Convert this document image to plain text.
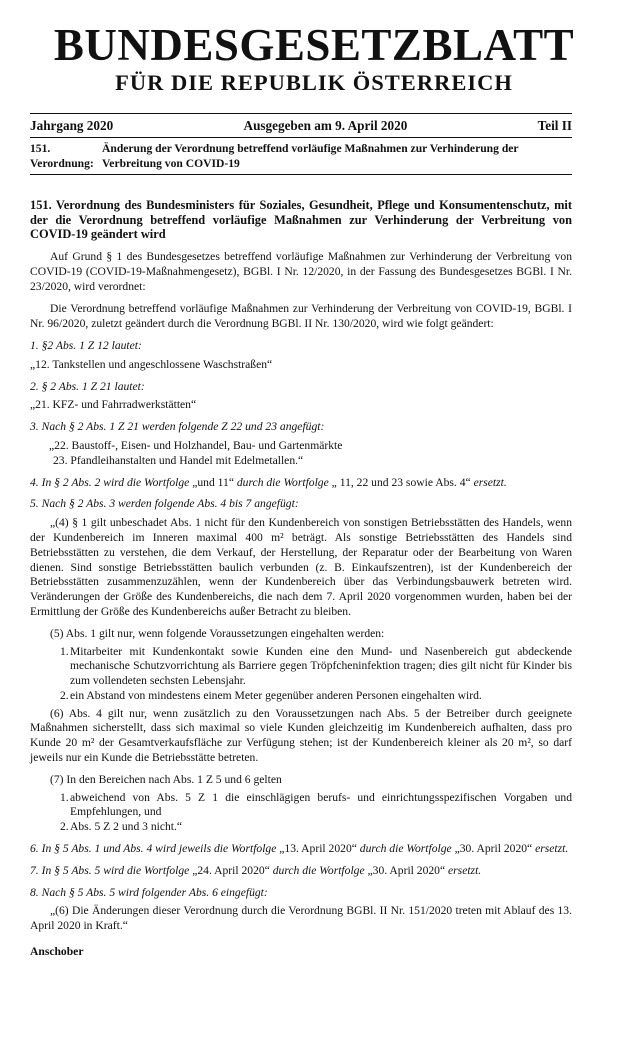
BUNDESGESETZBLATT
FÜR DIE REPUBLIK ÖSTERREICH
Jahrgang 2020	Ausgegeben am 9. April 2020	Teil II
151.	Änderung der Verordnung betreffend vorläufige Maßnahmen zur Verhinderung der
Verordnung: Verbreitung von COVID-19
151. Verordnung des Bundesministers für Soziales, Gesundheit, Pflege und Konsumentenschutz, mit der die Verordnung betreffend vorläufige Maßnahmen zur Verhinderung der Verbreitung von COVID-19 geändert wird
Auf Grund § 1 des Bundesgesetzes betreffend vorläufige Maßnahmen zur Verhinderung der Verbreitung von COVID-19 (COVID-19-Maßnahmengesetz), BGBl. I Nr. 12/2020, in der Fassung des Bundesgesetzes BGBl. I Nr. 23/2020, wird verordnet:
Die Verordnung betreffend vorläufige Maßnahmen zur Verhinderung der Verbreitung von COVID-19, BGBl. I Nr. 96/2020, zuletzt geändert durch die Verordnung BGBl. II Nr. 130/2020, wird wie folgt geändert:
1. §2 Abs. 1 Z 12 lautet:
„12. Tankstellen und angeschlossene Waschstraßen“
2. § 2 Abs. 1 Z 21 lautet:
„21. KFZ- und Fahrradwerkstätten“
3. Nach § 2 Abs. 1 Z 21 werden folgende Z 22 und 23 angefügt:
„22. Baustoff-, Eisen- und Holzhandel, Bau- und Gartenmärkte
23. Pfandleihanstalten und Handel mit Edelmetallen.“
4. In § 2 Abs. 2 wird die Wortfolge „und 11“ durch die Wortfolge „ 11, 22 und 23 sowie Abs. 4“ ersetzt.
5. Nach § 2 Abs. 3 werden folgende Abs. 4 bis 7 angefügt:
„(4) § 1 gilt unbeschadet Abs. 1 nicht für den Kundenbereich von sonstigen Betriebsstätten des Handels, wenn der Kundenbereich im Inneren maximal 400 m² beträgt. Als sonstige Betriebsstätten des Handels sind Betriebsstätten zu verstehen, die dem Verkauf, der Herstellung, der Reparatur oder der Bearbeitung von Waren dienen. Sind sonstige Betriebsstätten baulich verbunden (z. B. Einkaufszentren), ist der Kundenbereich der Betriebsstätten zusammenzuzählen, wenn der Kundenbereich über das Verbindungsbauwerk betreten wird. Veränderungen der Größe des Kundenbereichs, die nach dem 7. April 2020 vorgenommen wurden, haben bei der Ermittlung der Größe des Kundenbereichs außer Betracht zu bleiben.
(5) Abs. 1 gilt nur, wenn folgende Voraussetzungen eingehalten werden:
1. Mitarbeiter mit Kundenkontakt sowie Kunden eine den Mund- und Nasenbereich gut abdeckende mechanische Schutzvorrichtung als Barriere gegen Tröpfcheninfektion tragen; dies gilt nicht für Kinder bis zum vollendeten sechsten Lebensjahr.
2. ein Abstand von mindestens einem Meter gegenüber anderen Personen eingehalten wird.
(6) Abs. 4 gilt nur, wenn zusätzlich zu den Voraussetzungen nach Abs. 5 der Betreiber durch geeignete Maßnahmen sicherstellt, dass sich maximal so viele Kunden gleichzeitig im Kundenbereich aufhalten, dass pro Kunde 20 m² der Gesamtverkaufsfläche zur Verfügung stehen; ist der Kundenbereich kleiner als 20 m², so darf jeweils nur ein Kunde die Betriebsstätte betreten.
(7) In den Bereichen nach Abs. 1 Z 5 und 6 gelten
1. abweichend von Abs. 5 Z 1 die einschlägigen berufs- und einrichtungsspezifischen Vorgaben und Empfehlungen, und
2. Abs. 5 Z 2 und 3 nicht.“
6. In § 5 Abs. 1 und Abs. 4 wird jeweils die Wortfolge „13. April 2020“ durch die Wortfolge „30. April 2020“ ersetzt.
7. In § 5 Abs. 5 wird die Wortfolge „24. April 2020“ durch die Wortfolge „30. April 2020“ ersetzt.
8. Nach § 5 Abs. 5 wird folgender Abs. 6 eingefügt:
„(6) Die Änderungen dieser Verordnung durch die Verordnung BGBl. II Nr. 151/2020 treten mit Ablauf des 13. April 2020 in Kraft.“
Anschober
